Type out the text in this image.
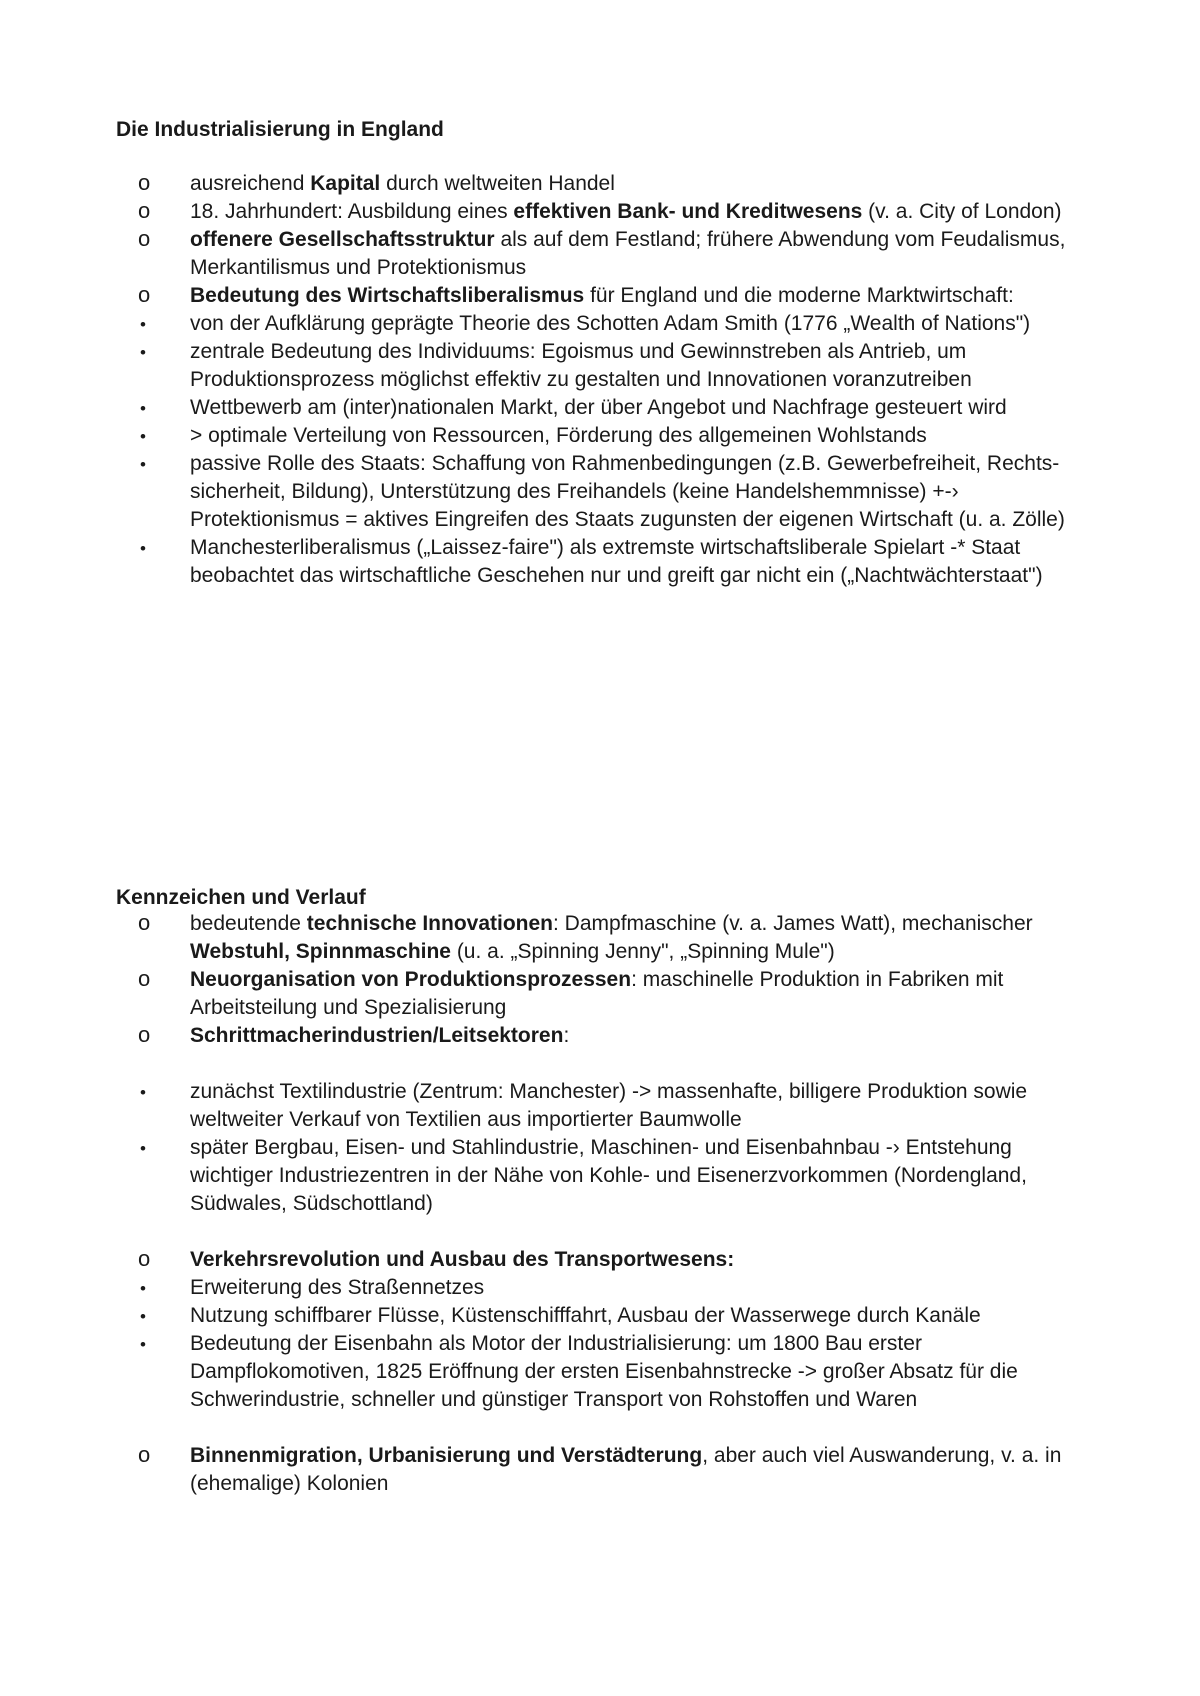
Die Industrialisierung in England
o	ausreichend Kapital durch weltweiten Handel
o	18. Jahrhundert: Ausbildung eines effektiven Bank- und Kreditwesens (v. a. City of London)
o	offenere Gesellschaftsstruktur als auf dem Festland; frühere Abwendung vom Feudalismus, Merkantilismus und Protektionismus
o	Bedeutung des Wirtschaftsliberalismus für England und die moderne Marktwirtschaft:
•	von der Aufklärung geprägte Theorie des Schotten Adam Smith (1776 „Wealth of Nations")
•	zentrale Bedeutung des Individuums: Egoismus und Gewinnstreben als Antrieb, um Produktionsprozess möglichst effektiv zu gestalten und Innovationen voranzutreiben
•	Wettbewerb am (inter)nationalen Markt, der über Angebot und Nachfrage gesteuert wird
•	> optimale Verteilung von Ressourcen, Förderung des allgemeinen Wohlstands
•	passive Rolle des Staats: Schaffung von Rahmenbedingungen (z.B. Gewerbefreiheit, Rechts-sicherheit, Bildung), Unterstützung des Freihandels (keine Handelshemmnisse) +-› Protektionismus = aktives Eingreifen des Staats zugunsten der eigenen Wirtschaft (u. a. Zölle)
•	Manchesterliberalismus („Laissez-faire") als extremste wirtschaftsliberale Spielart -* Staat beobachtet das wirtschaftliche Geschehen nur und greift gar nicht ein („Nachtwächterstaat")
Kennzeichen und Verlauf
o	bedeutende technische Innovationen: Dampfmaschine (v. a. James Watt), mechanischer Webstuhl, Spinnmaschine (u. a. „Spinning Jenny", „Spinning Mule")
o	Neuorganisation von Produktionsprozessen: maschinelle Produktion in Fabriken mit Arbeitsteilung und Spezialisierung
o	Schrittmacherindustrien/Leitsektoren:
•	zunächst Textilindustrie (Zentrum: Manchester) -> massenhafte, billigere Produktion sowie weltweiter Verkauf von Textilien aus importierter Baumwolle
•	später Bergbau, Eisen- und Stahlindustrie, Maschinen- und Eisenbahnbau -› Entstehung wichtiger Industriezentren in der Nähe von Kohle- und Eisenerzvorkommen (Nordengland, Südwales, Südschottland)
o	Verkehrsrevolution und Ausbau des Transportwesens:
•	Erweiterung des Straßennetzes
•	Nutzung schiffbarer Flüsse, Küstenschifffahrt, Ausbau der Wasserwege durch Kanäle
•	Bedeutung der Eisenbahn als Motor der Industrialisierung: um 1800 Bau erster Dampflokomotiven, 1825 Eröffnung der ersten Eisenbahnstrecke -> großer Absatz für die Schwerindustrie, schneller und günstiger Transport von Rohstoffen und Waren
o	Binnenmigration, Urbanisierung und Verstädterung, aber auch viel Auswanderung, v. a. in (ehemalige) Kolonien
